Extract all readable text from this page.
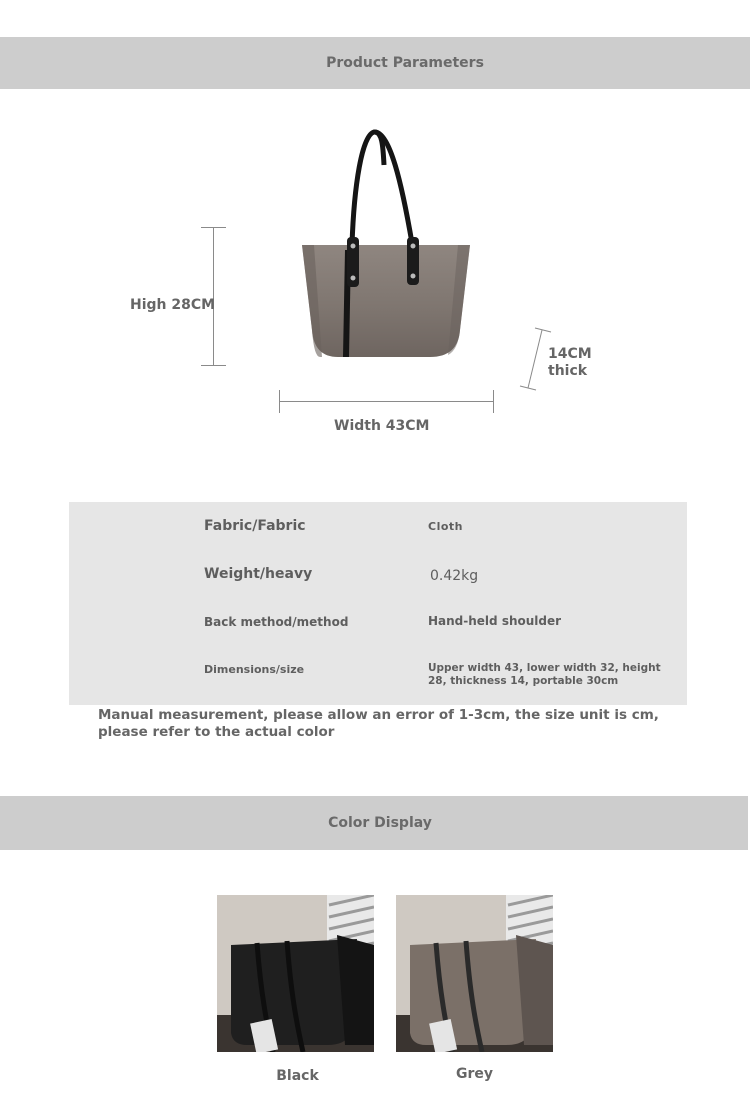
Product Parameters
High 28CM
Width 43CM
14CM
thick
Fabric/Fabric	Cloth
Weight/heavy	0.42kg
Back method/method	Hand-held shoulder
Dimensions/size	Upper width 43, lower width 32, height 28, thickness 14, portable 30cm
Manual measurement, please allow an error of 1-3cm, the size unit is cm, please refer to the actual color
Color Display
Black	Grey
